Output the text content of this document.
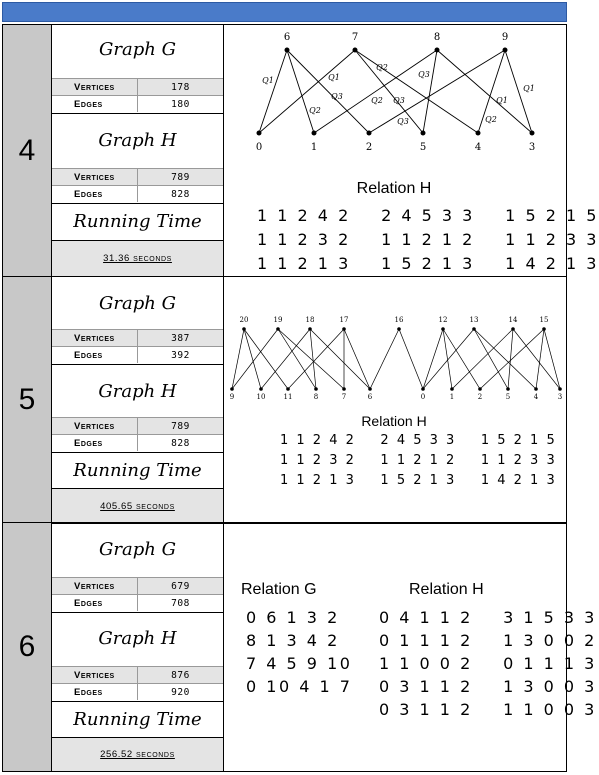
4
Graph G
Vertices	178
Edges	180
Graph H
Vertices	789
Edges	828
Running Time
31.36 seconds
6	7	8	9
0	1	2	5	4	3
Q1	Q1
Q2
Q3
Q3
Q2
Q3
Q2
Q3
Q1
Q2
Q1
Relation H
1 1 2 4 2    2 4 5 3 3    1 5 2 1 5
1 1 2 3 2    1 1 2 1 2    1 1 2 3 3
1 1 2 1 3    1 5 2 1 3    1 4 2 1 3
5
Graph G
Vertices	387
Edges	392
Graph H
Vertices	789
Edges	828
Running Time
405.65 seconds
20	19	18	17	16	12	13	14	15
9	10	11	8	7	6	0	1	2	5	4	3
Relation H
1 1 2 4 2    2 4 5 3 3    1 5 2 1 5
1 1 2 3 2    1 1 2 1 2    1 1 2 3 3
1 1 2 1 3    1 5 2 1 3    1 4 2 1 3
6
Graph G
Vertices	679
Edges	708
Graph H
Vertices	876
Edges	920
Running Time
256.52 seconds
Relation G
0 6 1 3 2
8 1 3 4 2
7 4 5 9 10
0 10 4 1 7
Relation H
0 4 1 1 2    3 1 5 3 3
0 1 1 1 2    1 3 0 0 2
1 1 0 0 2    0 1 1 1 3
0 3 1 1 2    1 3 0 0 3
0 3 1 1 2    1 1 0 0 3
